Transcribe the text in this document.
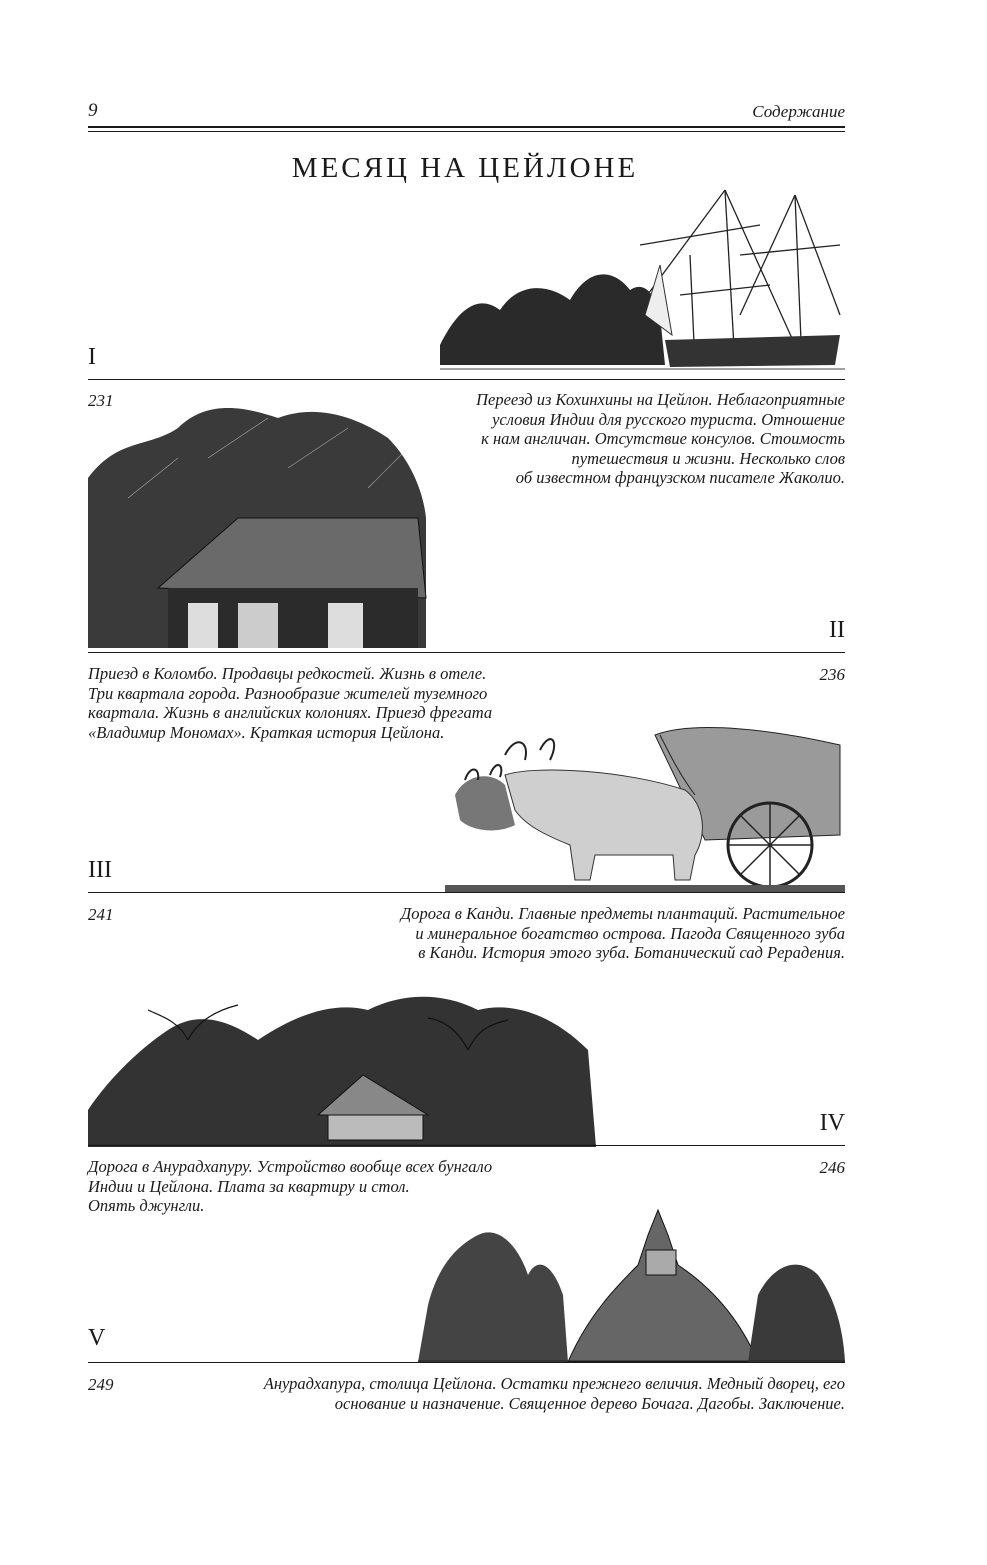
9	Содержание
МЕСЯЦ НА ЦЕЙЛОНЕ
I
231	Переезд из Кохинхины на Цейлон. Неблагоприятные
условия Индии для русского туриста. Отношение
к нам англичан. Отсутствие консулов. Стоимость
путешествия и жизни. Несколько слов
об известном французском писателе Жаколио.
II
Приезд в Коломбо. Продавцы редкостей. Жизнь в отеле.
Три квартала города. Разнообразие жителей туземного
квартала. Жизнь в английских колониях. Приезд фрегата
«Владимир Мономах». Краткая история Цейлона.
236
III
241	Дорога в Канди. Главные предметы плантаций. Растительное
и минеральное богатство острова. Пагода Священного зуба
в Канди. История этого зуба. Ботанический сад Peрадения.
IV
Дорога в Анурадхапуру. Устройство вообще всех бунгало
Индии и Цейлона. Плата за квартиру и стол.
Опять джунгли.
246
V
249	Анурадхапура, столица Цейлона. Остатки прежнего величия. Медный дворец, его
основание и назначение. Священное дерево Бочага. Дагобы. Заключение.
